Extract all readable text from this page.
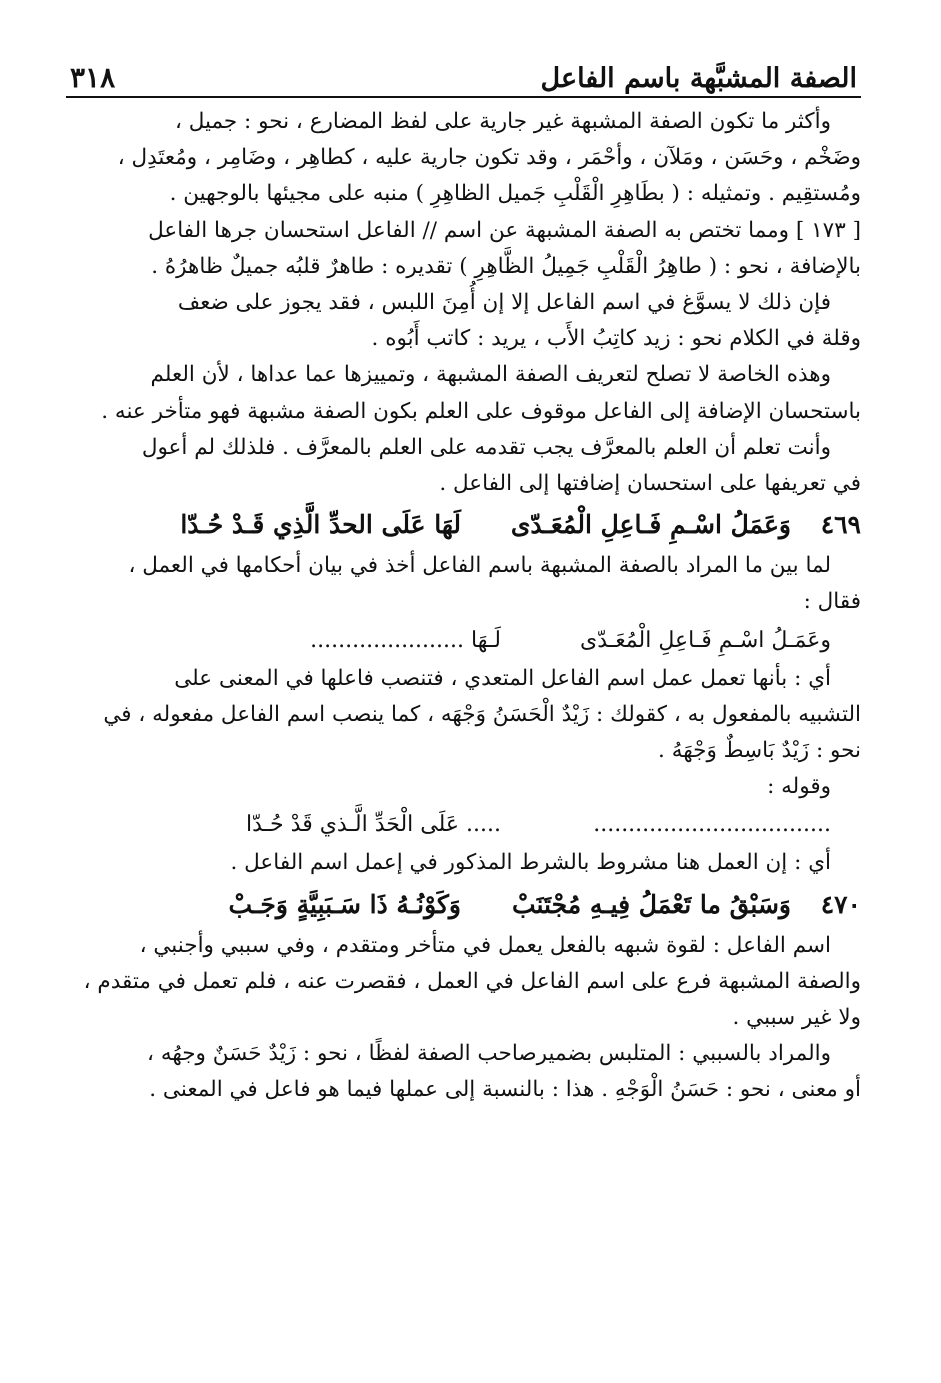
الصفة المشبَّهة باسم الفاعل
٣١٨

وأكثر ما تكون الصفة المشبهة غير جارية على لفظ المضارع ، نحو : جميل ،

وضَخْم ، وحَسَن ، ومَلآن ، وأحْمَر ، وقد تكون جارية عليه ، كطاهِر ، وضَامِر ، ومُعتَدِل ،

ومُستقِيم . وتمثيله : ( بطَاهِرِ الْقَلْبِ جَميل الظاهِرِ ) منبه على مجيئها بالوجهين .

[ ١٧٣ ] ومما تختص به الصفة المشبهة عن اسم // الفاعل استحسان جرها الفاعل

بالإضافة ، نحو : ( طاهِرُ الْقَلْبِ جَمِيلُ الظَّاهِرِ ) تقديره : طاهرٌ قلبُه جميلٌ ظاهرُهُ .

فإن ذلك لا يسوَّغ في اسم الفاعل إلا إن أُمِنَ اللبس ، فقد يجوز على ضعف

وقلة في الكلام نحو : زيد كاتِبُ الأَب ، يريد : كاتب أَبُوه .

وهذه الخاصة لا تصلح لتعريف الصفة المشبهة ، وتمييزها عما عداها ، لأن العلم

باستحسان الإضافة إلى الفاعل موقوف على العلم بكون الصفة مشبهة فهو متأخر عنه .

وأنت تعلم أن العلم بالمعرَّف يجب تقدمه على العلم بالمعرَّف . فلذلك لم أعول

في تعريفها على استحسان إضافتها إلى الفاعل .

٤٦٩
وَعَمَلُ اسْـمِ فَـاعِلِ الْمُعَـدّى
لَهَا عَلَى الحدِّ الَّذِي قَـدْ حُـدّا

لما بين ما المراد بالصفة المشبهة باسم الفاعل أخذ في بيان أحكامها في العمل ،

فقال :

وعَمَـلُ اسْـمِ فَـاعِلِ الْمُعَـدّى
لَـهَا ......................

أي : بأنها تعمل عمل اسم الفاعل المتعدي ، فتنصب فاعلها في المعنى على

التشبيه بالمفعول به ، كقولك : زَيْدٌ الْحَسَنُ وَجْهَه ، كما ينصب اسم الفاعل مفعوله ، في

نحو : زَيْدٌ بَاسِطٌ وَجْهَهُ .

وقوله :

..................................
..... عَلَى الْحَدِّ الَّـذي قَدْ حُـدّا

أي : إن العمل هنا مشروط بالشرط المذكور في إعمل اسم الفاعل .

٤٧٠
وَسَبْقُ ما تَعْمَلُ فِيـهِ مُجْتَنَبْ
وَكَوْنُـهُ ذَا سَـبَبِيَّةٍ وَجَـبْ

اسم الفاعل : لقوة شبهه بالفعل يعمل في متأخر ومتقدم ، وفي سببي وأجنبي ،

والصفة المشبهة فرع على اسم الفاعل في العمل ، فقصرت عنه ، فلم تعمل في متقدم ،

ولا غير سببي .

والمراد بالسببي : المتلبس بضميرصاحب الصفة لفظًا ، نحو : زَيْدٌ حَسَنٌ وجهُه ،

أو معنى ، نحو : حَسَنُ الْوَجْهِ . هذا : بالنسبة إلى عملها فيما هو فاعل في المعنى .
